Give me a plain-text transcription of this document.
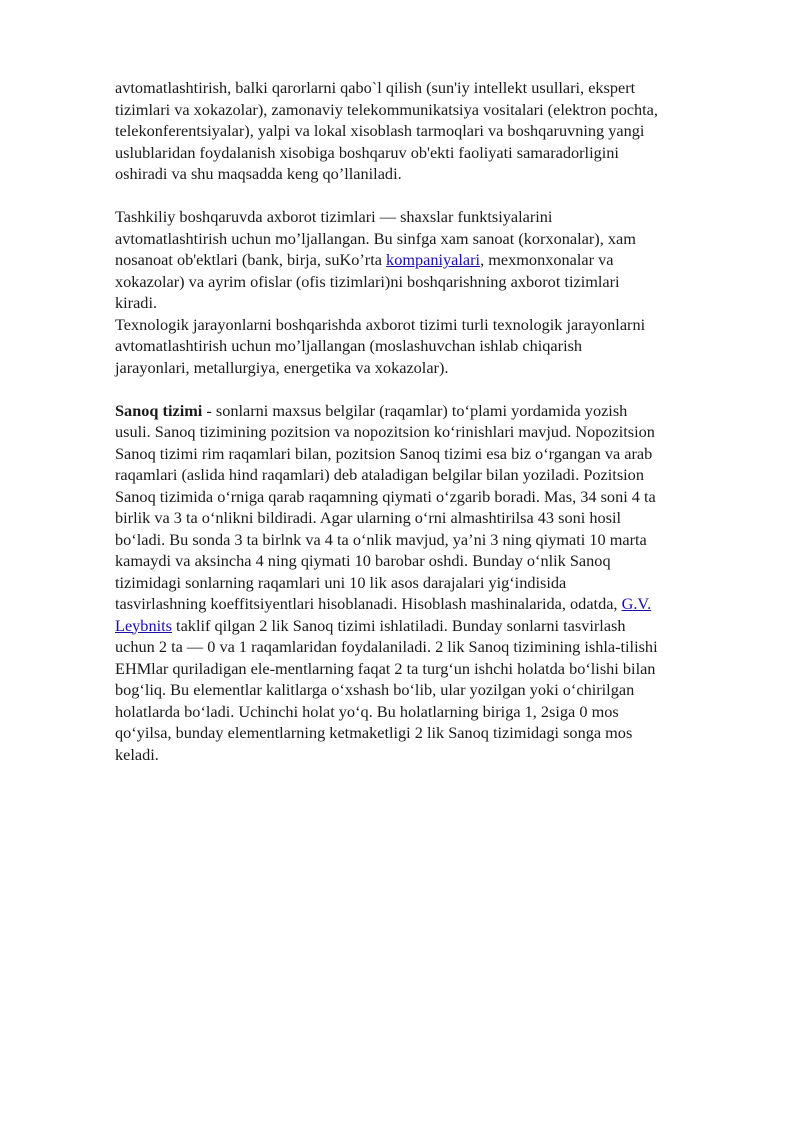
avtomatlashtirish, balki qarorlarni qabo`l qilish (sun'iy intellekt usullari, ekspert
tizimlari va xokazolar), zamonaviy telekommunikatsiya vositalari (elektron pochta,
telekonferentsiyalar), yalpi va lokal xisoblash tarmoqlari va boshqaruvning yangi
uslublaridan foydalanish xisobiga boshqaruv ob'ekti faoliyati samaradorligini
oshiradi va shu maqsadda keng qo’llaniladi.
Tashkiliy boshqaruvda axborot tizimlari — shaxslar funktsiyalarini
avtomatlashtirish uchun mo’ljallangan. Bu sinfga xam sanoat (korxonalar), xam
nosanoat ob'ektlari (bank, birja, suKo’rta kompaniyalari, mexmonxonalar va
xokazolar) va ayrim ofislar (ofis tizimlari)ni boshqarishning axborot tizimlari
kiradi.
Texnologik jarayonlarni boshqarishda axborot tizimi turli texnologik jarayonlarni
avtomatlashtirish uchun mo’ljallangan (moslashuvchan ishlab chiqarish
jarayonlari, metallurgiya, energetika va xokazolar).
Sanoq tizimi - sonlarni maxsus belgilar (raqamlar) toʻplami yordamida yozish
usuli. Sanoq tizimining pozitsion va nopozitsion koʻrinishlari mavjud. Nopozitsion
Sanoq tizimi rim raqamlari bilan, pozitsion Sanoq tizimi esa biz oʻrgangan va arab
raqamlari (aslida hind raqamlari) deb ataladigan belgilar bilan yoziladi. Pozitsion
Sanoq tizimida oʻrniga qarab raqamning qiymati oʻzgarib boradi. Mas, 34 soni 4 ta
birlik va 3 ta oʻnlikni bildiradi. Agar ularning oʻrni almashtirilsa 43 soni hosil
boʻladi. Bu sonda 3 ta birlnk va 4 ta oʻnlik mavjud, ya’ni 3 ning qiymati 10 marta
kamaydi va aksincha 4 ning qiymati 10 barobar oshdi. Bunday oʻnlik Sanoq
tizimidagi sonlarning raqamlari uni 10 lik asos darajalari yigʻindisida
tasvirlashning koeffitsiyentlari hisoblanadi. Hisoblash mashinalarida, odatda, G.V.
Leybnits taklif qilgan 2 lik Sanoq tizimi ishlatiladi. Bunday sonlarni tasvirlash
uchun 2 ta — 0 va 1 raqamlaridan foydalaniladi. 2 lik Sanoq tizimining ishla-tilishi
EHMlar quriladigan ele-mentlarning faqat 2 ta turgʻun ishchi holatda boʻlishi bilan
bogʻliq. Bu elementlar kalitlarga oʻxshash boʻlib, ular yozilgan yoki oʻchirilgan
holatlarda boʻladi. Uchinchi holat yoʻq. Bu holatlarning biriga 1, 2siga 0 mos
qoʻyilsa, bunday elementlarning ketmaketligi 2 lik Sanoq tizimidagi songa mos
keladi.
